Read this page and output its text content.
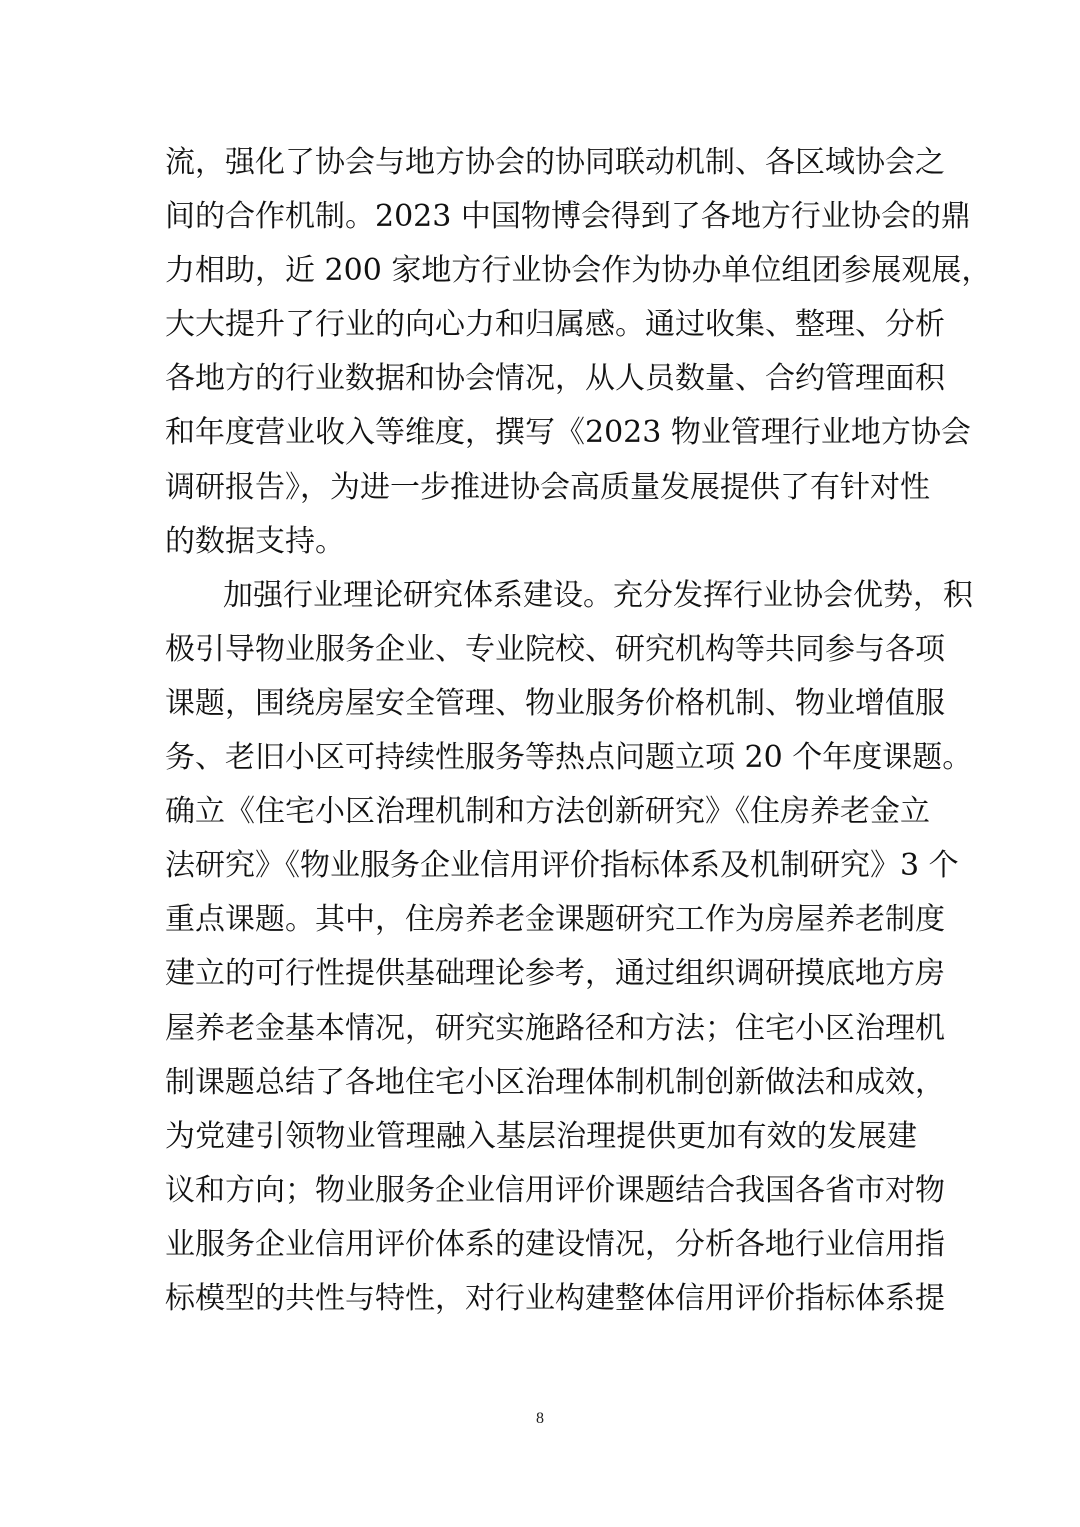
流，强化了协会与地方协会的协同联动机制、各区域协会之
间的合作机制。2023 中国物博会得到了各地方行业协会的鼎
力相助，近 200 家地方行业协会作为协办单位组团参展观展，
大大提升了行业的向心力和归属感。通过收集、整理、分析
各地方的行业数据和协会情况，从人员数量、合约管理面积
和年度营业收入等维度，撰写《2023 物业管理行业地方协会
调研报告》，为进一步推进协会高质量发展提供了有针对性
的数据支持。
加强行业理论研究体系建设。充分发挥行业协会优势，积
极引导物业服务企业、专业院校、研究机构等共同参与各项
课题，围绕房屋安全管理、物业服务价格机制、物业增值服
务、老旧小区可持续性服务等热点问题立项 20 个年度课题。
确立《住宅小区治理机制和方法创新研究》《住房养老金立
法研究》《物业服务企业信用评价指标体系及机制研究》3 个
重点课题。其中，住房养老金课题研究工作为房屋养老制度
建立的可行性提供基础理论参考，通过组织调研摸底地方房
屋养老金基本情况，研究实施路径和方法；住宅小区治理机
制课题总结了各地住宅小区治理体制机制创新做法和成效，
为党建引领物业管理融入基层治理提供更加有效的发展建
议和方向；物业服务企业信用评价课题结合我国各省市对物
业服务企业信用评价体系的建设情况，分析各地行业信用指
标模型的共性与特性，对行业构建整体信用评价指标体系提
8
